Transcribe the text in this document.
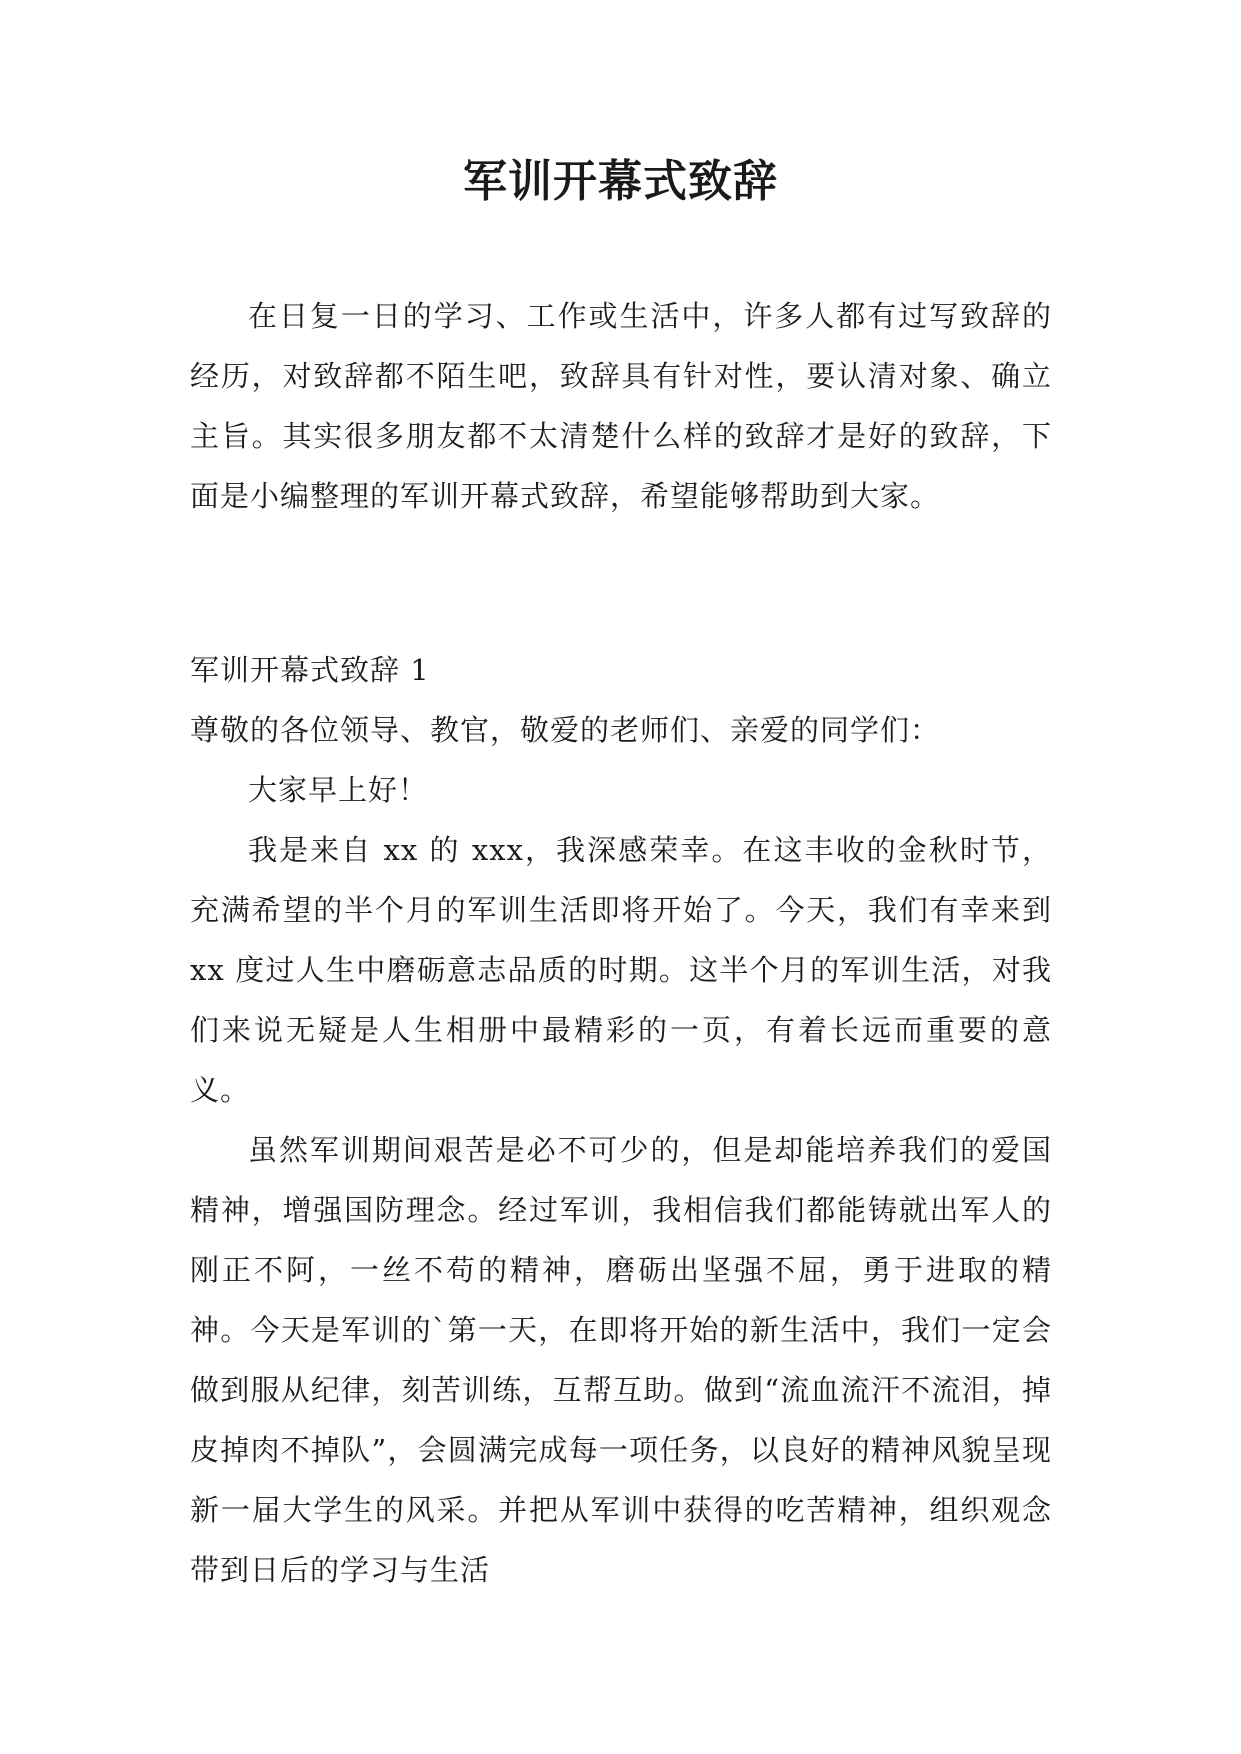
军训开幕式致辞

在日复一日的学习、工作或生活中，许多人都有过写致辞的经历，对致辞都不陌生吧，致辞具有针对性，要认清对象、确立主旨。其实很多朋友都不太清楚什么样的致辞才是好的致辞，下面是小编整理的军训开幕式致辞，希望能够帮助到大家。

军训开幕式致辞 1

尊敬的各位领导、教官，敬爱的老师们、亲爱的同学们：

大家早上好！

我是来自 xx 的 xxx，我深感荣幸。在这丰收的金秋时节，充满希望的半个月的军训生活即将开始了。今天，我们有幸来到 xx 度过人生中磨砺意志品质的时期。这半个月的军训生活，对我们来说无疑是人生相册中最精彩的一页，有着长远而重要的意义。

虽然军训期间艰苦是必不可少的，但是却能培养我们的爱国精神，增强国防理念。经过军训，我相信我们都能铸就出军人的刚正不阿，一丝不苟的精神，磨砺出坚强不屈，勇于进取的精神。今天是军训的`第一天，在即将开始的新生活中，我们一定会做到服从纪律，刻苦训练，互帮互助。做到“流血流汗不流泪，掉皮掉肉不掉队”，会圆满完成每一项任务，以良好的精神风貌呈现新一届大学生的风采。并把从军训中获得的吃苦精神，组织观念带到日后的学习与生活
